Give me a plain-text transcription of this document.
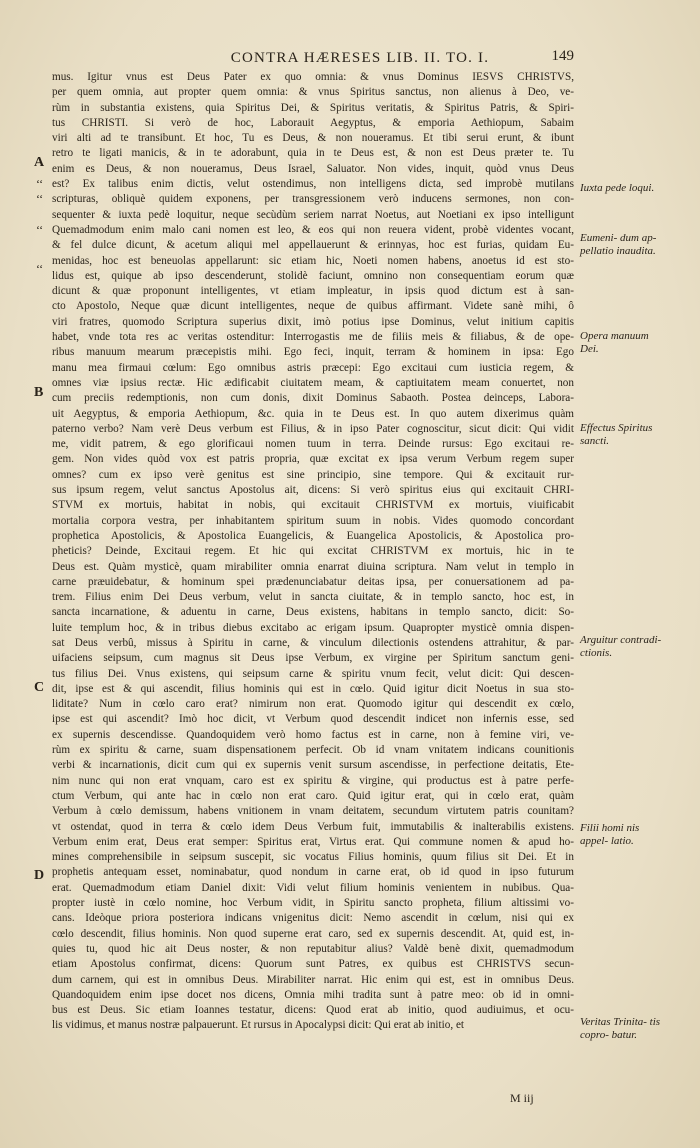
CONTRA HÆRESES LIB. II. TO. I.	149
A
B
C
D
‘‘
‘‘
‘‘
‘‘
mus. Igitur vnus est Deus Pater ex quo omnia: & vnus Dominus IESVS CHRISTVS,
per quem omnia, aut propter quem omnia: & vnus Spiritus sanctus, non alienus à Deo, ve-
rùm in substantia existens, quia Spiritus Dei, & Spiritus veritatis, & Spiritus Patris, & Spiri-
tus CHRISTI. Si verò de hoc, Laborauit Aegyptus, & emporia Aethiopum, Sabaim
viri alti ad te transibunt. Et hoc, Tu es Deus, & non noueramus. Et tibi serui erunt, & ibunt
retro te ligati manicis, & in te adorabunt, quia in te Deus est, & non est Deus præter te. Tu
enim es Deus, & non noueramus, Deus Israel, Saluator. Non vides, inquit, quòd vnus Deus
est? Ex talibus enim dictis, velut ostendimus, non intelligens dicta, sed improbè mutilans
scripturas, obliquè quidem exponens, per transgressionem verò inducens sermones, non con-
sequenter & iuxta pedè loquitur, neque secùdùm seriem narrat Noetus, aut Noetiani ex ipso intelligunt
Quemadmodum enim malo cani nomen est leo, & eos qui non reuera vident, probè videntes vocant,
& fel dulce dicunt, & acetum aliqui mel appellauerunt & erinnyas, hoc est furias, quidam Eu-
menidas, hoc est beneuolas appellarunt: sic etiam hic, Noeti nomen habens, anoetus id est sto-
lidus est, quique ab ipso descenderunt, stolidè faciunt, omnino non consequentiam eorum quæ
dicunt & quæ proponunt intelligentes, vt etiam impleatur, in ipsis quod dictum est à san-
cto Apostolo, Neque quæ dicunt intelligentes, neque de quibus affirmant. Videte sanè mihi, ô
viri fratres, quomodo Scriptura superius dixit, imò potius ipse Dominus, velut initium capitis
habet, vnde tota res ac veritas ostenditur: Interrogastis me de filiis meis & filiabus, & de ope-
ribus manuum mearum præcepistis mihi. Ego feci, inquit, terram & hominem in ipsa: Ego
manu mea firmaui cœlum: Ego omnibus astris præcepi: Ego excitaui cum iusticia regem, &
omnes viæ ipsius rectæ. Hic ædificabit ciuitatem meam, & captiuitatem meam conuertet, non
cum preciis redemptionis, non cum donis, dixit Dominus Sabaoth. Postea deinceps, Labora-
uit Aegyptus, & emporia Aethiopum, &c. quia in te Deus est. In quo autem dixerimus quàm
paterno verbo? Nam verè Deus verbum est Filius, & in ipso Pater cognoscitur, sicut dicit: Qui vidit
me, vidit patrem, & ego glorificaui nomen tuum in terra. Deinde rursus: Ego excitaui re-
gem. Non vides quòd vox est patris propria, quæ excitat ex ipsa verum Verbum regem super
omnes? cum ex ipso verè genitus est sine principio, sine tempore. Qui & excitauit rur-
sus ipsum regem, velut sanctus Apostolus ait, dicens: Si verò spiritus eius qui excitauit CHRI-
STVM ex mortuis, habitat in nobis, qui excitauit CHRISTVM ex mortuis, viuificabit
mortalia corpora vestra, per inhabitantem spiritum suum in nobis. Vides quomodo concordant
prophetica Apostolicis, & Apostolica Euangelicis, & Euangelica Apostolicis, & Apostolica pro-
pheticis? Deinde, Excitaui regem. Et hic qui excitat CHRISTVM ex mortuis, hic in te
Deus est. Quàm mysticè, quam mirabiliter omnia enarrat diuina scriptura. Nam velut in templo in
carne præuidebatur, & hominum spei prædenunciabatur deitas ipsa, per conuersationem ad pa-
trem. Filius enim Dei Deus verbum, velut in sancta ciuitate, & in templo sancto, hoc est, in
sancta incarnatione, & aduentu in carne, Deus existens, habitans in templo sancto, dicit: So-
luite templum hoc, & in tribus diebus excitabo ac erigam ipsum. Quapropter mysticè omnia dispen-
sat Deus verbû, missus à Spiritu in carne, & vinculum dilectionis ostendens attrahitur, & par-
uifaciens seipsum, cum magnus sit Deus ipse Verbum, ex virgine per Spiritum sanctum geni-
tus filius Dei. Vnus existens, qui seipsum carne & spiritu vnum fecit, velut dicit: Qui descen-
dit, ipse est & qui ascendit, filius hominis qui est in cœlo. Quid igitur dicit Noetus in sua sto-
liditate? Num in cœlo caro erat? nimirum non erat. Quomodo igitur qui descendit ex cœlo,
ipse est qui ascendit? Imò hoc dicit, vt Verbum quod descendit indicet non infernis esse, sed
ex supernis descendisse. Quandoquidem verò homo factus est in carne, non à femine viri, ve-
rùm ex spiritu & carne, suam dispensationem perfecit. Ob id vnam vnitatem indicans counitionis
verbi & incarnationis, dicit cum qui ex supernis venit sursum ascendisse, in perfectione deitatis, Ete-
nim nunc qui non erat vnquam, caro est ex spiritu & virgine, qui productus est à patre perfe-
ctum Verbum, qui ante hac in cœlo non erat caro. Quid igitur erat, qui in cœlo erat, quàm
Verbum à cœlo demissum, habens vnitionem in vnam deitatem, secundum virtutem patris counitam?
vt ostendat, quod in terra & cœlo idem Deus Verbum fuit, immutabilis & inalterabilis existens.
Verbum enim erat, Deus erat semper: Spiritus erat, Virtus erat. Qui commune nomen & apud ho-
mines comprehensibile in seipsum suscepit, sic vocatus Filius hominis, quum filius sit Dei. Et in
prophetis antequam esset, nominabatur, quod nondum in carne erat, ob id quod in ipso futurum
erat. Quemadmodum etiam Daniel dixit: Vidi velut filium hominis venientem in nubibus. Qua-
propter iustè in cœlo nomine, hoc Verbum vidit, in Spiritu sancto propheta, filium altissimi vo-
cans. Ideòque priora posteriora indicans vnigenitus dicit: Nemo ascendit in cœlum, nisi qui ex
cœlo descendit, filius hominis. Non quod superne erat caro, sed ex supernis descendit. At, quid est, in-
quies tu, quod hic ait Deus noster, & non reputabitur alius? Valdè benè dixit, quemadmodum
etiam Apostolus confirmat, dicens: Quorum sunt Patres, ex quibus est CHRISTVS secun-
dum carnem, qui est in omnibus Deus. Mirabiliter narrat. Hic enim qui est, est in omnibus Deus.
Quandoquidem enim ipse docet nos dicens, Omnia mihi tradita sunt à patre meo: ob id in omni-
bus est Deus. Sic etiam Ioannes testatur, dicens: Quod erat ab initio, quod audiuimus, et ocu-
lis vidimus, et manus nostræ palpauerunt. Et rursus in Apocalypsi dicit: Qui erat ab initio, et
Iuxta pede loqui.
Eumeni- dum ap- pellatio inaudita.
Opera manuum Dei.
Effectus Spiritus sancti.
Arguitur contradi- ctionis.
Filii homi nis appel- latio.
Veritas Trinita- tis copro- batur.
M iij
